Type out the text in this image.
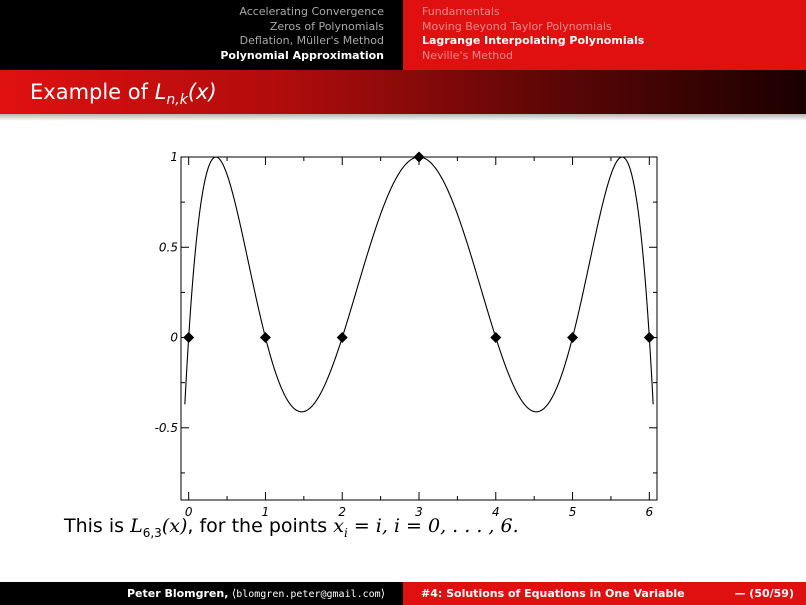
Accelerating Convergence
Zeros of Polynomials
Deflation, Müller's Method
Polynomial Approximation
Fundamentals
Moving Beyond Taylor Polynomials
Lagrange Interpolating Polynomials
Neville's Method
Example of $L_{n,k}(x)$
0	1	2	3	4	5	6
1
0.5
0
-0.5
This is $L_{6,3}(x)$, for the points $x_i = i$, i = 0, . . . , 6.
Peter Blomgren, ⟨blomgren.peter@gmail.com⟩	#4: Solutions of Equations in One Variable	— (50/59)
